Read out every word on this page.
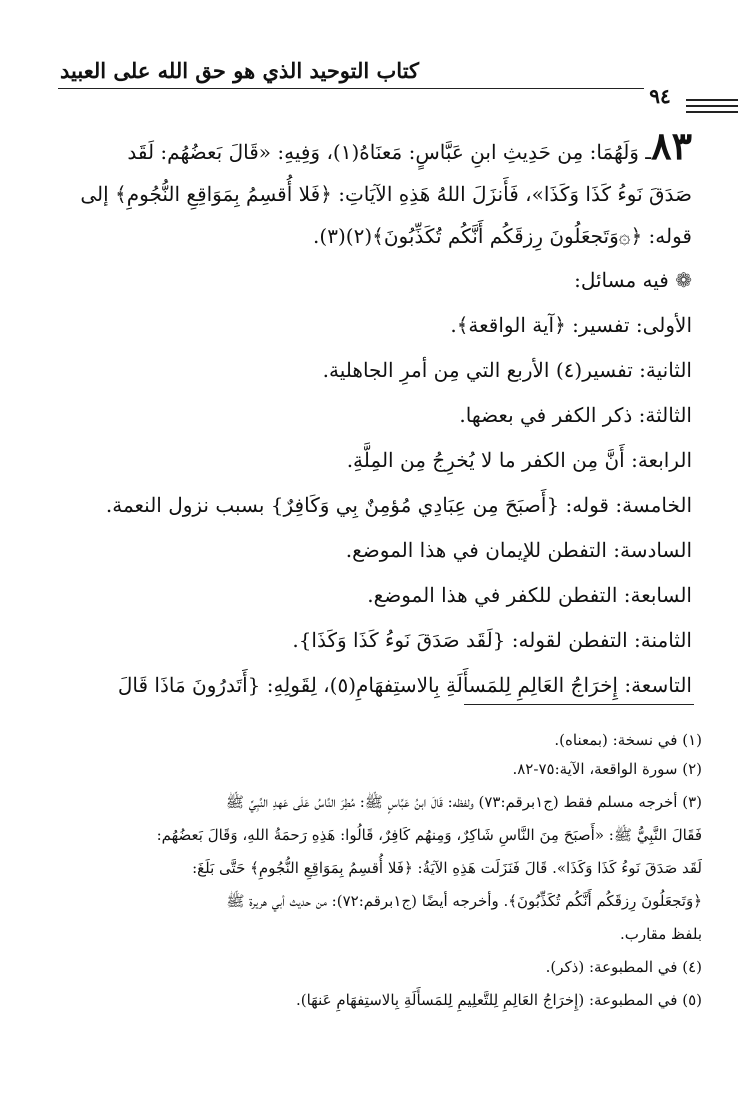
كتاب التوحيد الذي هو حق الله على العبيد
٩٤

٨٣ـ وَلَهُمَا: مِن حَدِيثِ ابنِ عَبَّاسٍ: مَعنَاهُ(١)، وَفِيهِ: «قَالَ بَعضُهُم: لَقَد

صَدَقَ نَوءُ كَذَا وَكَذَا»، فَأَنزَلَ اللهُ هَذِهِ الآيَاتِ: ﴿فَلا أُقسِمُ بِمَوَاقِعِ النُّجُومِ﴾ إلى

قوله: ﴿۞وَتَجعَلُونَ رِزقَكُم أَنَّكُم تُكَذِّبُونَ﴾(٢)(٣).

❁ فيه مسائل:

الأولى: تفسير: ﴿آية الواقعة﴾.

الثانية: تفسير(٤) الأربع التي مِن أمرِ الجاهلية.

الثالثة: ذكر الكفر في بعضها.

الرابعة: أَنَّ مِن الكفر ما لا يُخرِجُ مِن المِلَّةِ.

الخامسة: قوله: {أَصبَحَ مِن عِبَادِي مُؤمِنٌ بِي وَكَافِرٌ} بسبب نزول النعمة.

السادسة: التفطن للإيمان في هذا الموضع.

السابعة: التفطن للكفر في هذا الموضع.

الثامنة: التفطن لقوله: {لَقَد صَدَقَ نَوءُ كَذَا وَكَذَا}.

التاسعة: إِخرَاجُ العَالِمِ لِلمَسأَلَةِ بِالاستِفهَامِ(٥)، لِقَولِهِ: {أَتَدرُونَ مَاذَا قَالَ

(١) في نسخة: (بمعناه).

(٢) سورة الواقعة، الآية:٧٥-٨٢.

(٣) أخرجه مسلم فقط (ج١برقم:٧٣) ولفظه: قَالَ ابنُ عَبَّاسٍ ﷺ: مُطِرَ النَّاسُ عَلَى عَهدِ النَّبِيِّ ﷺ

فَقَالَ النَّبِيُّ ﷺ: «أَصبَحَ مِنَ النَّاسِ شَاكِرٌ، وَمِنهُم كَافِرٌ، قَالُوا: هَذِهِ رَحمَةُ اللهِ، وَقَالَ بَعضُهُم:

لَقَد صَدَقَ نَوءُ كَذَا وَكَذَا». قَالَ فَنَزَلَت هَذِهِ الآيَةُ: ﴿فَلا أُقسِمُ بِمَوَاقِعِ النُّجُومِ﴾ حَتَّى بَلَغَ:

﴿وَتَجعَلُونَ رِزقَكُم أَنَّكُم تُكَذِّبُونَ﴾. وأخرجه أيضًا (ج١برقم:٧٢): من حديث أبي هريرة ﷺ

بلفظ مقارب.

(٤) في المطبوعة: (ذكر).

(٥) في المطبوعة: (إِخرَاجُ العَالِمِ لِلتَّعلِيمِ لِلمَسأَلَةِ بِالاستِفهَامِ عَنهَا).
